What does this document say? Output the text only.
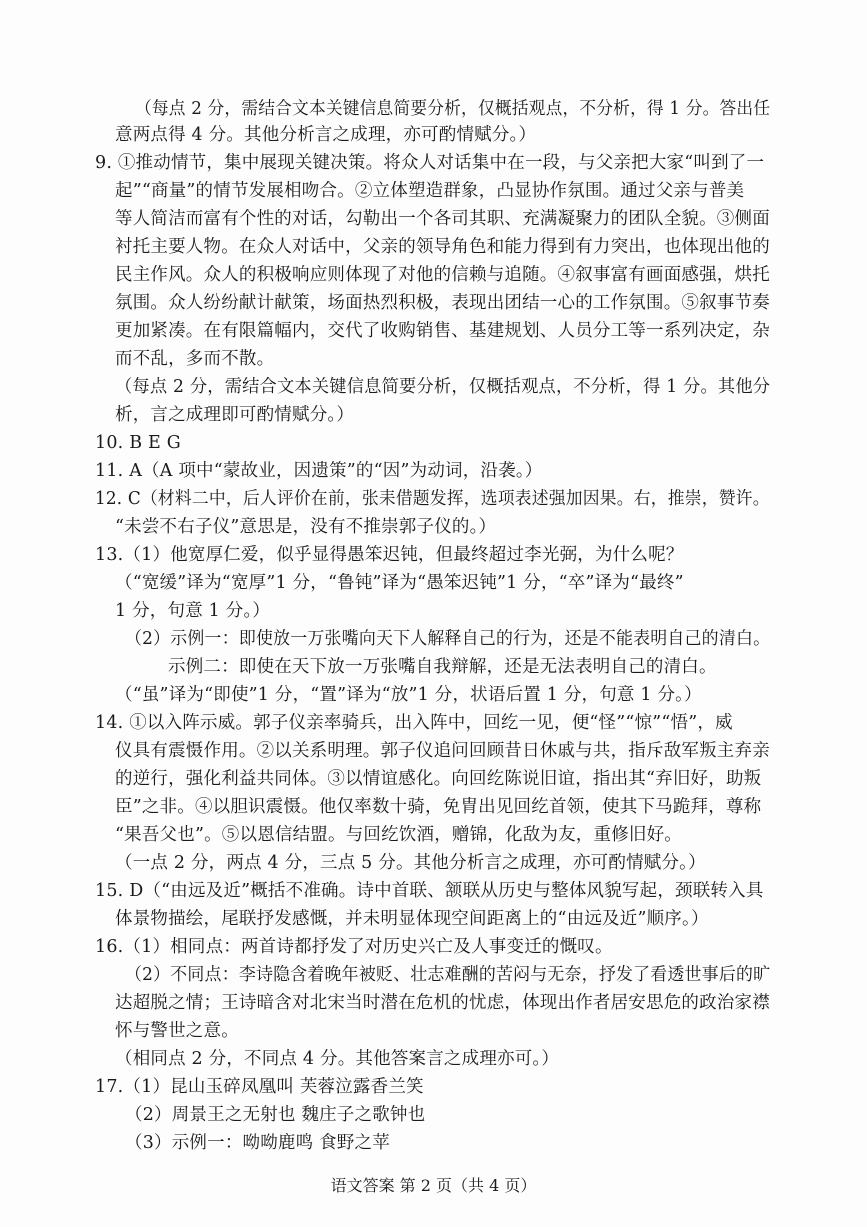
（每点 2 分，需结合文本关键信息简要分析，仅概括观点，不分析，得 1 分。答出任
意两点得 4 分。其他分析言之成理，亦可酌情赋分。）
9. ①推动情节，集中展现关键决策。将众人对话集中在一段，与父亲把大家“叫到了一
起”“商量”的情节发展相吻合。②立体塑造群象，凸显协作氛围。通过父亲与普美
等人简洁而富有个性的对话，勾勒出一个各司其职、充满凝聚力的团队全貌。③侧面
衬托主要人物。在众人对话中，父亲的领导角色和能力得到有力突出，也体现出他的
民主作风。众人的积极响应则体现了对他的信赖与追随。④叙事富有画面感强，烘托
氛围。众人纷纷献计献策，场面热烈积极，表现出团结一心的工作氛围。⑤叙事节奏
更加紧凑。在有限篇幅内，交代了收购销售、基建规划、人员分工等一系列决定，杂
而不乱，多而不散。
（每点 2 分，需结合文本关键信息简要分析，仅概括观点，不分析，得 1 分。其他分
析，言之成理即可酌情赋分。）
10. B E G
11. A（A 项中“蒙故业，因遗策”的“因”为动词，沿袭。）
12. C（材料二中，后人评价在前，张耒借题发挥，选项表述强加因果。右，推崇，赞许。
“未尝不右子仪”意思是，没有不推崇郭子仪的。）
13.（1）他宽厚仁爱，似乎显得愚笨迟钝，但最终超过李光弼，为什么呢？
（“宽缓”译为“宽厚”1 分，“鲁钝”译为“愚笨迟钝”1 分，“卒”译为“最终”
1 分，句意 1 分。）
（2）示例一：即使放一万张嘴向天下人解释自己的行为，还是不能表明自己的清白。
示例二：即使在天下放一万张嘴自我辩解，还是无法表明自己的清白。
（“虽”译为“即使”1 分，“置”译为“放”1 分，状语后置 1 分，句意 1 分。）
14. ①以入阵示威。郭子仪亲率骑兵，出入阵中，回纥一见，便“怪”“惊”“悟”，威
仪具有震慑作用。②以关系明理。郭子仪追问回顾昔日休戚与共，指斥敌军叛主弃亲
的逆行，强化利益共同体。③以情谊感化。向回纥陈说旧谊，指出其“弃旧好，助叛
臣”之非。④以胆识震慑。他仅率数十骑，免胄出见回纥首领，使其下马跪拜，尊称
“果吾父也”。⑤以恩信结盟。与回纥饮酒，赠锦，化敌为友，重修旧好。
（一点 2 分，两点 4 分，三点 5 分。其他分析言之成理，亦可酌情赋分。）
15. D（“由远及近”概括不准确。诗中首联、颔联从历史与整体风貌写起，颈联转入具
体景物描绘，尾联抒发感慨，并未明显体现空间距离上的“由远及近”顺序。）
16.（1）相同点：两首诗都抒发了对历史兴亡及人事变迁的慨叹。
（2）不同点：李诗隐含着晚年被贬、壮志难酬的苦闷与无奈，抒发了看透世事后的旷
达超脱之情；王诗暗含对北宋当时潜在危机的忧虑，体现出作者居安思危的政治家襟
怀与警世之意。
（相同点 2 分，不同点 4 分。其他答案言之成理亦可。）
17.（1）昆山玉碎凤凰叫 芙蓉泣露香兰笑
（2）周景王之无射也 魏庄子之歌钟也
（3）示例一：呦呦鹿鸣 食野之苹
语文答案 第 2 页（共 4 页）
